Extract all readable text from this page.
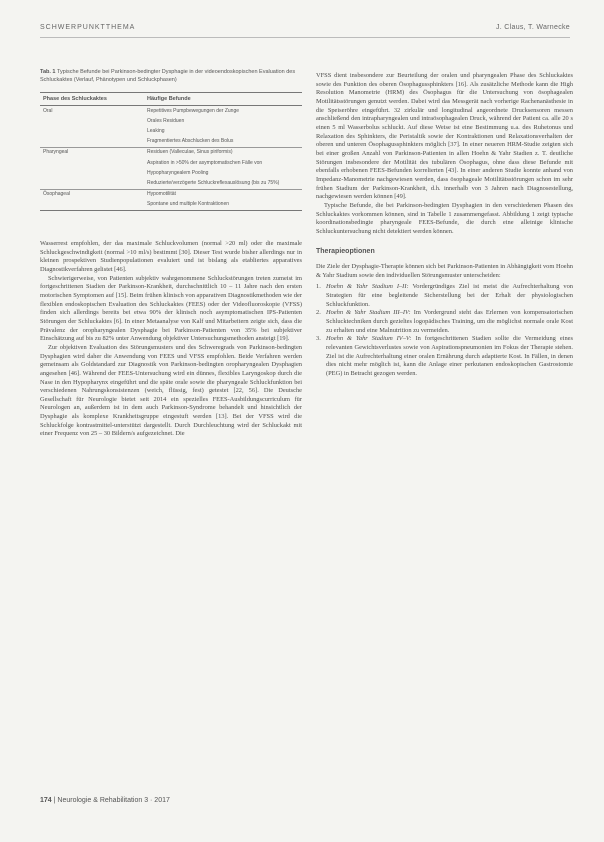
SCHWERPUNKTTHEMA	J. Claus, T. Warnecke
Tab. 1 Typische Befunde bei Parkinson-bedingter Dysphagie in der videoendoskopischen Evaluation des Schluckaktes (Verlauf, Phänotypen und Schluckphasen)
Phase des Schluckaktes	Häufige Befunde
Oral	Repetitives Pumpbewegungen der Zunge
	Orales Residuen
	Leaking
	Fragmentiertes Abschlucken des Bolus
Pharyngeal	Residuen (Valleculae, Sinus piriformis)
	Aspiration in >50% der asymptomatischen Fälle von
	Hypopharyngealem Pooling
	Reduzierte/verzögerte Schluckreflexauslösung (bis zu 75%)
Ösophageal	Hypomotilität
	Spontane und multiple Kontraktionen

Wasserrest empfohlen, der das maximale Schluckvolumen (normal >20 ml) oder die maximale Schluckgeschwindigkeit (normal >10 ml/s) bestimmt [30]. Dieser Test wurde bisher allerdings nur in kleinen prospektiven Studienpopulationen evaluiert und ist bislang als etabliertes apparatives Diagnostikverfahren gelistet [46].

Schwierigerweise, von Patienten subjektiv wahrgenommene Schluckstörungen treten zumeist im fortgeschrittenen Stadien der Parkinson-Krankheit, durchschnittlich 10 – 11 Jahre nach den ersten motorischen Symptomen auf [15]. Beim frühen klinisch von apparativen Diagnostikmethoden wie der flexiblen endoskopischen Evaluation des Schluckaktes (FEES) oder der Videofluoroskopie (VFSS) finden sich allerdings bereits bei etwa 90% der klinisch noch asymptomatischen IPS-Patienten Störungen der Schluckaktes [6]. In einer Metaanalyse von Kalf und Mitarbeitern zeigte sich, dass die Prävalenz der oropharyngealen Dysphagie bei Parkinson-Patienten von 35% bei subjektiver Einschätzung auf bis zu 82% unter Anwendung objektiver Untersuchungsmethoden ansteigt [19].

Zur objektiven Evaluation des Störungsmusters und des Schweregrads von Parkinson-bedingten Dysphagien wird daher die Anwendung von FEES und VFSS empfohlen. Beide Verfahren werden gemeinsam als Goldstandard zur Diagnostik von Parkinson-bedingten oropharyngealen Dysphagien angesehen [46]. Während der FEES-Untersuchung wird ein dünnes, flexibles Laryngoskop durch die Nase in den Hypopharynx eingeführt und die späte orale sowie die pharyngeale Schluckfunktion bei verschiedenen Nahrungskonsistenzen (weich, flüssig, fest) getestet [22, 56]. Die Deutsche Gesellschaft für Neurologie bietet seit 2014 ein spezielles FEES-Ausbildungscurriculum für Neurologen an, außerdem ist in dem auch Parkinson-Syndrome behandelt und hinsichtlich der Dysphagie als komplexe Krankheitsgruppe eingestuft werden [13]. Bei der VFSS wird die Schluckfolge kontrastmittel-unterstützt dargestellt. Durch Durchleuchtung wird der Schluckakt mit einer Frequenz von 25 – 30 Bildern/s aufgezeichnet. Die

VFSS dient insbesondere zur Beurteilung der oralen und pharyngealen Phase des Schluckaktes sowie des Funktion des oberen Ösophagussphinkters [16]. Als zusätzliche Methode kann die High Resolution Manometrie (HRM) des Ösophagus für die Untersuchung von ösophagealen Motilitätsstörungen genutzt werden. Dabei wird das Messgerät nach vorherige Rachenanästhesie in die Speiseröhre eingeführt. 32 zirkulär und longitudinal angeordnete Drucksensoren messen anschließend den intrapharyngealen und intraösophagealen Druck, während der Patient ca. alle 20 s einen 5 ml Wasserbolus schluckt. Auf diese Weise ist eine Bestimmung u.a. des Ruhetonus und Relaxation des Sphinkters, die Peristaltik sowie der Kontraktionen und Relaxationsverhalten der oberen und unteren Ösophagussphinkters möglich [37]. In einer neueren HRM-Studie zeigten sich bei einer großen Anzahl von Parkinson-Patienten in allen Hoehn & Yahr Stadien z. T. deutliche Störungen insbesondere der Motilität des tubulären Ösophagus, ohne dass diese Befunde mit ebenfalls erhobenen FEES-Befunden korrelierten [43]. In einer anderen Studie konnte anhand von Impedanz-Manometrie nachgewiesen werden, dass ösophageale Motilitätsstörungen schon im sehr frühen Stadium der Parkinson-Krankheit, d.h. innerhalb von 3 Jahren nach Diagnosestellung, nachgewiesen werden können [49].

Typische Befunde, die bei Parkinson-bedingten Dysphagien in den verschiedenen Phasen des Schluckaktes vorkommen können, sind in Tabelle 1 zusammengefasst. Abbildung 1 zeigt typische koordinationsbedingte pharyngeale FEES-Befunde, die durch eine alleinige klinische Schluckuntersuchung nicht detektiert werden können.

Therapieoptionen

Die Ziele der Dysphagie-Therapie können sich bei Parkinson-Patienten in Abhängigkeit vom Hoehn & Yahr Stadium sowie den individuellen Störungsmuster unterscheiden:

1. Hoehn & Yahr Stadium I–II: Vordergründiges Ziel ist meist die Aufrechterhaltung von Strategien für eine begleitende Sicherstellung bei der Erhalt der physiologischen Schluckfunktion.
2. Hoehn & Yahr Stadium III–IV: Im Vordergrund steht das Erlernen von kompensatorischen Schlucktechniken durch gezieltes logopädisches Training, um die möglichst normale orale Kost zu erhalten und eine Malnutrition zu vermeiden.
3. Hoehn & Yahr Stadium IV–V: In fortgeschrittenen Stadien sollte die Vermeidung eines relevanten Gewichtsverlustes sowie von Aspirationspneumonien im Fokus der Therapie stehen. Ziel ist die Aufrechterhaltung einer oralen Ernährung durch adaptierte Kost. In Fällen, in denen dies nicht mehr möglich ist, kann die Anlage einer perkutanen endoskopischen Gastrostomie (PEG) in Betracht gezogen werden.
174 | Neurologie & Rehabilitation 3 · 2017
